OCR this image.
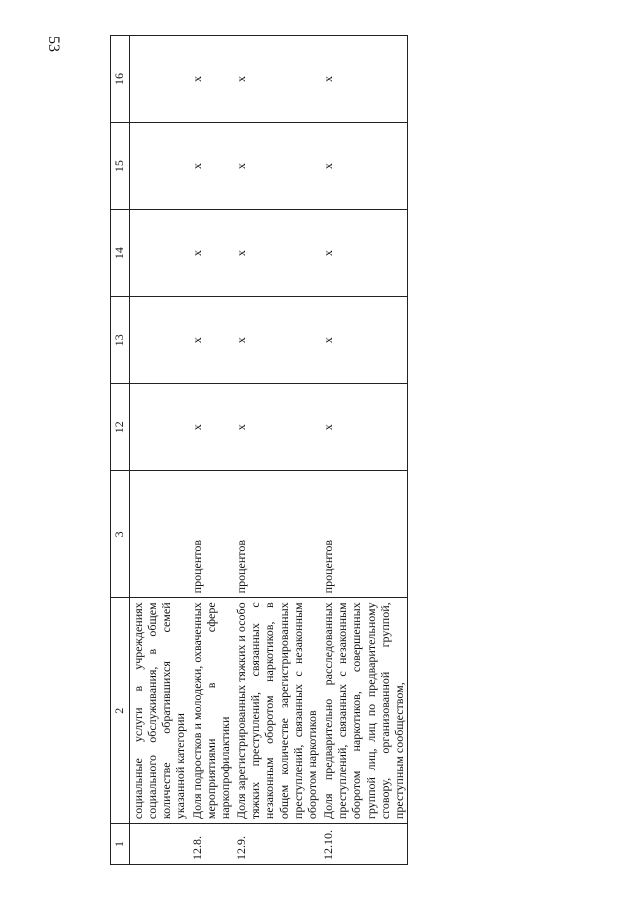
53
1	2	3	12	13	14	15	16
	социальные услуги в учреждениях социального обслуживания, в общем количестве обратившихся семей указанной категории						
12.8.	Доля подростков и молодежи, охваченных мероприятиями в сфере наркопрофилактики	процентов	x	x	x	x	x
12.9.	Доля зарегистрированных тяжких и особо тяжких преступлений, связанных с незаконным оборотом наркотиков, в общем количестве зарегистрированных преступлений, связанных с незаконным оборотом наркотиков	процентов	x	x	x	x	x
12.10.	Доля предварительно расследованных преступлений, связанных с незаконным оборотом наркотиков, совершенных группой лиц, лиц по предварительному сговору, организованной группой, преступным сообществом,	процентов	x	x	x	x	x
